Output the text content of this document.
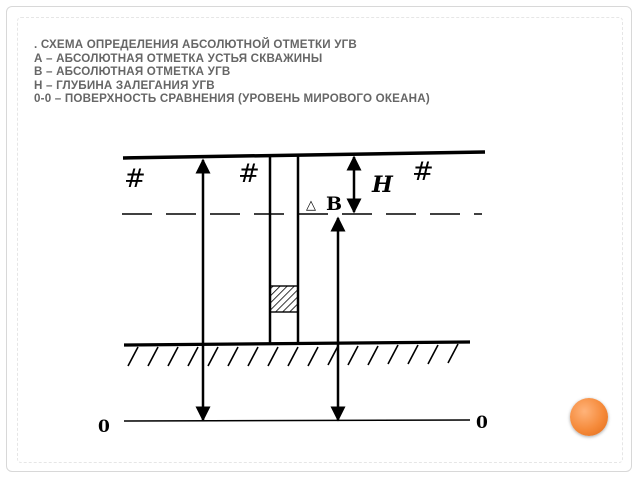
. СХЕМА ОПРЕДЕЛЕНИЯ АБСОЛЮТНОЙ ОТМЕТКИ УГВ
А – АБСОЛЮТНАЯ ОТМЕТКА УСТЬЯ СКВАЖИНЫ
В – АБСОЛЮТНАЯ ОТМЕТКА УГВ
Н – ГЛУБИНА ЗАЛЕГАНИЯ УГВ
0-0 – ПОВЕРХНОСТЬ СРАВНЕНИЯ (УРОВЕНЬ МИРОВОГО ОКЕАНА)
#	#	#
H
△ B
0	0
